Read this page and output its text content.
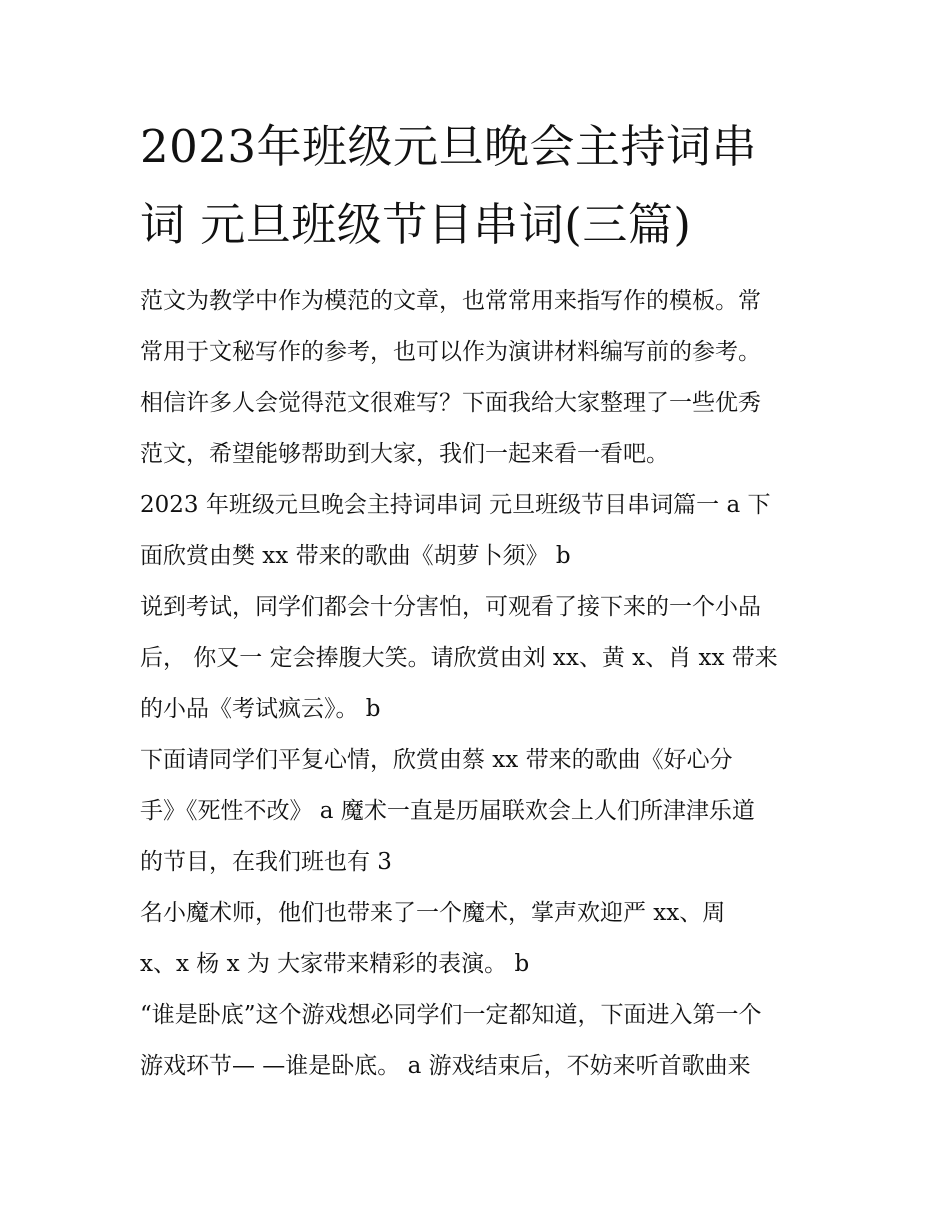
2023年班级元旦晚会主持词串
词 元旦班级节目串词(三篇)
范文为教学中作为模范的文章，也常常用来指写作的模板。常
常用于文秘写作的参考，也可以作为演讲材料编写前的参考。
相信许多人会觉得范文很难写？下面我给大家整理了一些优秀
范文，希望能够帮助到大家，我们一起来看一看吧。
2023 年班级元旦晚会主持词串词 元旦班级节目串词篇一 a 下
面欣赏由樊 xx 带来的歌曲《胡萝卜须》 b
说到考试，同学们都会十分害怕，可观看了接下来的一个小品
后， 你又一 定会捧腹大笑。请欣赏由刘 xx、黄 x、肖 xx 带来
的小品《考试疯云》。 b
下面请同学们平复心情，欣赏由蔡 xx 带来的歌曲《好心分
手》《死性不改》 a 魔术一直是历届联欢会上人们所津津乐道
的节目，在我们班也有 3
名小魔术师，他们也带来了一个魔术，掌声欢迎严 xx、周
x、x 杨 x 为 大家带来精彩的表演。 b
“谁是卧底”这个游戏想必同学们一定都知道，下面进入第一个
游戏环节— —谁是卧底。 a 游戏结束后，不妨来听首歌曲来
